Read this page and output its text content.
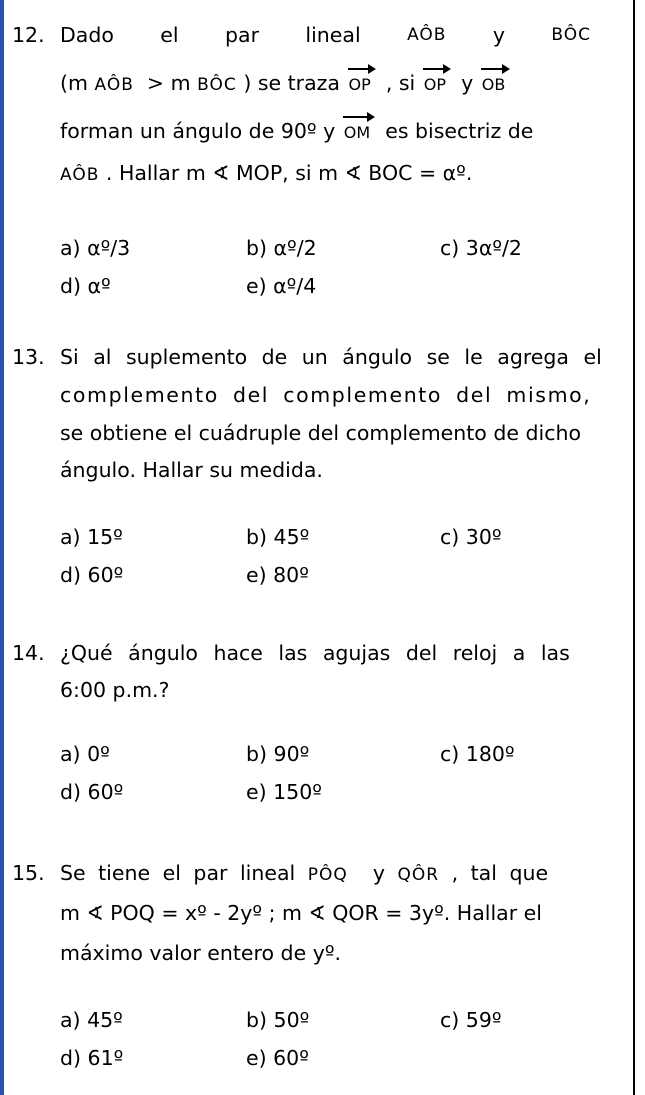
12. Dado el par lineal	AÔB y	BÔC
(m AÔB > m BÔC ) se traza OP , si OP y OB
forman un ángulo de 90º y OM es bisectriz de
AÔB . Hallar m ∢ MOP, si m ∢ BOC = αº.
a) αº/3	b) αº/2	c) 3αº/2
d) αº	e) αº/4
13. Si al suplemento de un ángulo se le agrega el
complemento del complemento del mismo,
se obtiene el cuádruple del complemento de dicho
ángulo. Hallar su medida.
a) 15º	b) 45º	c) 30º
d) 60º	e) 80º
14. ¿Qué ángulo hace las agujas del reloj a las
6:00 p.m.?
a) 0º	b) 90º	c) 180º
d) 60º	e) 150º
15. Se tiene el par lineal PÔQ y QÔR , tal que
m ∢ POQ = xº - 2yº ; m ∢ QOR = 3yº. Hallar el
máximo valor entero de yº.
a) 45º	b) 50º	c) 59º
d) 61º	e) 60º
